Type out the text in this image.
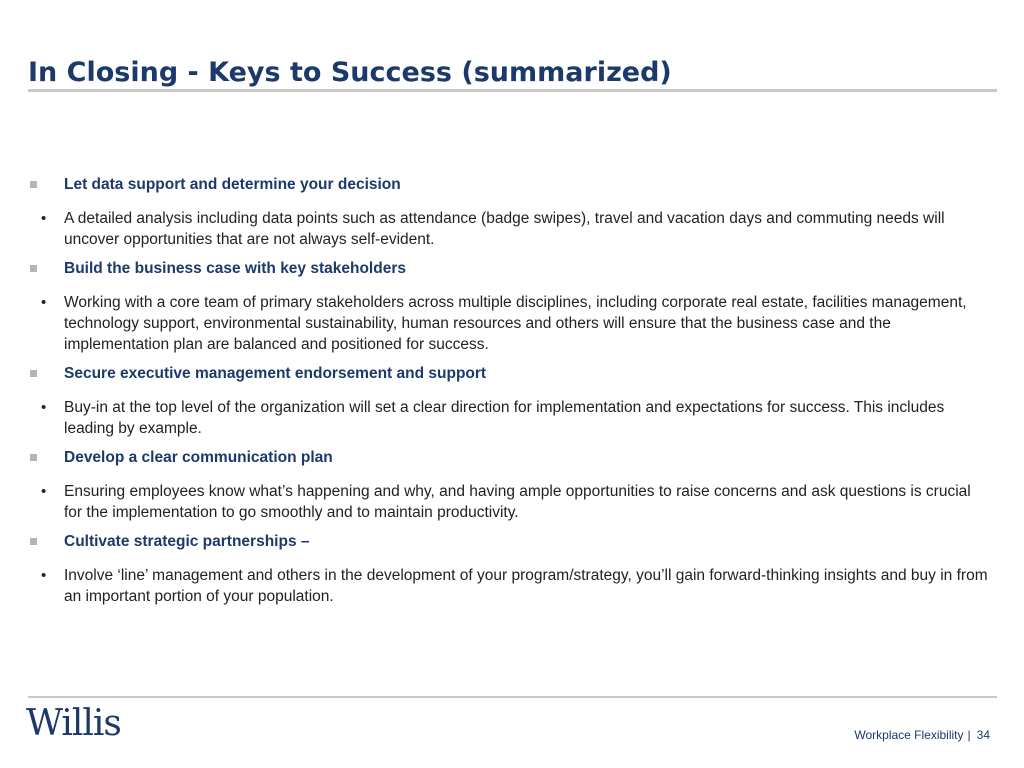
In Closing - Keys to Success (summarized)
Let data support and determine your decision
• A detailed analysis including data points such as attendance (badge swipes), travel and vacation days and commuting needs will uncover opportunities that are not always self-evident.
Build the business case with key stakeholders
• Working with a core team of primary stakeholders across multiple disciplines, including corporate real estate, facilities management, technology support, environmental sustainability, human resources and others will ensure that the business case and the implementation plan are balanced and positioned for success.
Secure executive management endorsement and support
• Buy-in at the top level of the organization will set a clear direction for implementation and expectations for success. This includes leading by example.
Develop a clear communication plan
• Ensuring employees know what’s happening and why, and having ample opportunities to raise concerns and ask questions is crucial for the implementation to go smoothly and to maintain productivity.
Cultivate strategic partnerships –
• Involve ‘line’ management and others in the development of your program/strategy, you’ll gain forward-thinking insights and buy in from an important portion of your population.
Willis	Workplace Flexibility | 34
